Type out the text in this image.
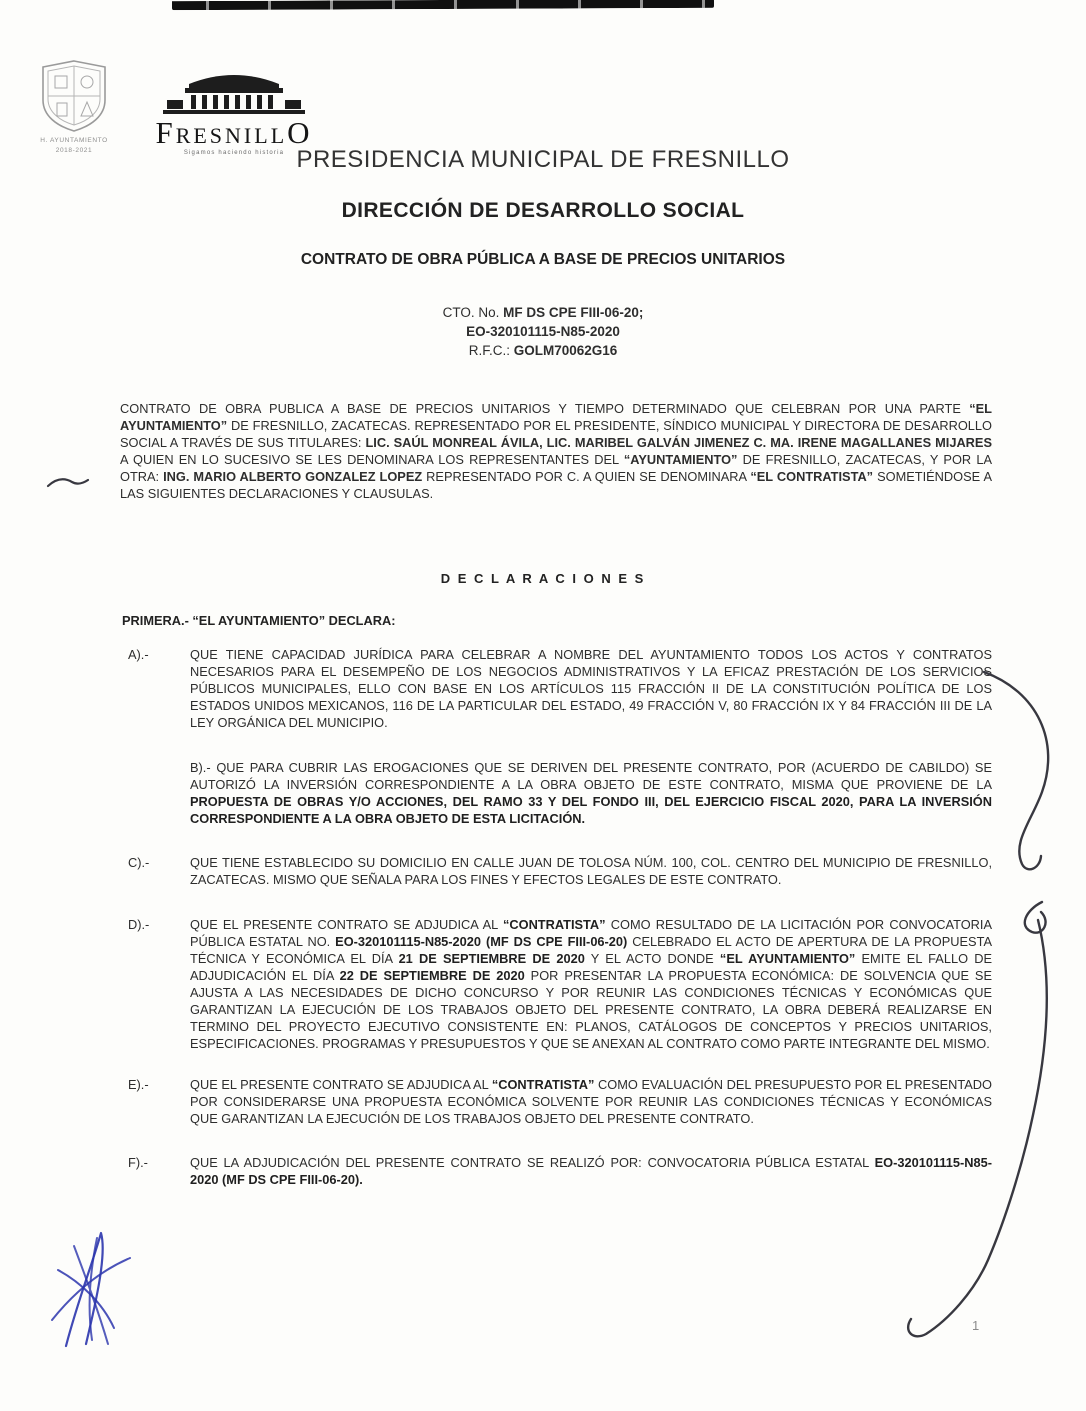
H. AYUNTAMIENTO
2018-2021
FresnillO
Sigamos haciendo historia PRESIDENCIA MUNICIPAL DE FRESNILLO
DIRECCIÓN DE DESARROLLO SOCIAL
CONTRATO DE OBRA PÚBLICA A BASE DE PRECIOS UNITARIOS
CTO. No. MF DS CPE FIII-06-20;
EO-320101115-N85-2020
R.F.C.: GOLM70062G16
CONTRATO DE OBRA PUBLICA A BASE DE PRECIOS UNITARIOS Y TIEMPO DETERMINADO QUE CELEBRAN POR UNA PARTE “EL AYUNTAMIENTO” DE FRESNILLO, ZACATECAS. REPRESENTADO POR EL PRESIDENTE, SÍNDICO MUNICIPAL Y DIRECTORA DE DESARROLLO SOCIAL A TRAVÉS DE SUS TITULARES: LIC. SAÚL MONREAL ÁVILA, LIC. MARIBEL GALVÁN JIMENEZ C. MA. IRENE MAGALLANES MIJARES A QUIEN EN LO SUCESIVO SE LES DENOMINARA LOS REPRESENTANTES DEL “AYUNTAMIENTO” DE FRESNILLO, ZACATECAS, Y POR LA OTRA: ING. MARIO ALBERTO GONZALEZ LOPEZ REPRESENTADO POR C. A QUIEN SE DENOMINARA “EL CONTRATISTA” SOMETIÉNDOSE A LAS SIGUIENTES DECLARACIONES Y CLAUSULAS.
D E C L A R A C I O N E S
PRIMERA.- “EL AYUNTAMIENTO” DECLARA:
A).-	QUE TIENE CAPACIDAD JURÍDICA PARA CELEBRAR A NOMBRE DEL AYUNTAMIENTO TODOS LOS ACTOS Y CONTRATOS NECESARIOS PARA EL DESEMPEÑO DE LOS NEGOCIOS ADMINISTRATIVOS Y LA EFICAZ PRESTACIÓN DE LOS SERVICIOS PÚBLICOS MUNICIPALES, ELLO CON BASE EN LOS ARTÍCULOS 115 FRACCIÓN II DE LA CONSTITUCIÓN POLÍTICA DE LOS ESTADOS UNIDOS MEXICANOS, 116 DE LA PARTICULAR DEL ESTADO, 49 FRACCIÓN V, 80 FRACCIÓN IX Y 84 FRACCIÓN III DE LA LEY ORGÁNICA DEL MUNICIPIO.
B).- QUE PARA CUBRIR LAS EROGACIONES QUE SE DERIVEN DEL PRESENTE CONTRATO, POR (ACUERDO DE CABILDO) SE AUTORIZÓ LA INVERSIÓN CORRESPONDIENTE A LA OBRA OBJETO DE ESTE CONTRATO, MISMA QUE PROVIENE DE LA PROPUESTA DE OBRAS Y/O ACCIONES, DEL RAMO 33 Y DEL FONDO III, DEL EJERCICIO FISCAL 2020, PARA LA INVERSIÓN CORRESPONDIENTE A LA OBRA OBJETO DE ESTA LICITACIÓN.
C).-	QUE TIENE ESTABLECIDO SU DOMICILIO EN CALLE JUAN DE TOLOSA NÚM. 100, COL. CENTRO DEL MUNICIPIO DE FRESNILLO, ZACATECAS. MISMO QUE SEÑALA PARA LOS FINES Y EFECTOS LEGALES DE ESTE CONTRATO.
D).-	QUE EL PRESENTE CONTRATO SE ADJUDICA AL “CONTRATISTA” COMO RESULTADO DE LA LICITACIÓN POR CONVOCATORIA PÚBLICA ESTATAL NO. EO-320101115-N85-2020 (MF DS CPE FIII-06-20) CELEBRADO EL ACTO DE APERTURA DE LA PROPUESTA TÉCNICA Y ECONÓMICA EL DÍA 21 DE SEPTIEMBRE DE 2020 Y EL ACTO DONDE “EL AYUNTAMIENTO” EMITE EL FALLO DE ADJUDICACIÓN EL DÍA 22 DE SEPTIEMBRE DE 2020 POR PRESENTAR LA PROPUESTA ECONÓMICA: DE SOLVENCIA QUE SE AJUSTA A LAS NECESIDADES DE DICHO CONCURSO Y POR REUNIR LAS CONDICIONES TÉCNICAS Y ECONÓMICAS QUE GARANTIZAN LA EJECUCIÓN DE LOS TRABAJOS OBJETO DEL PRESENTE CONTRATO, LA OBRA DEBERÁ REALIZARSE EN TERMINO DEL PROYECTO EJECUTIVO CONSISTENTE EN: PLANOS, CATÁLOGOS DE CONCEPTOS Y PRECIOS UNITARIOS, ESPECIFICACIONES. PROGRAMAS Y PRESUPUESTOS Y QUE SE ANEXAN AL CONTRATO COMO PARTE INTEGRANTE DEL MISMO.
E).-	QUE EL PRESENTE CONTRATO SE ADJUDICA AL “CONTRATISTA” COMO EVALUACIÓN DEL PRESUPUESTO POR EL PRESENTADO POR CONSIDERARSE UNA PROPUESTA ECONÓMICA SOLVENTE POR REUNIR LAS CONDICIONES TÉCNICAS Y ECONÓMICAS QUE GARANTIZAN LA EJECUCIÓN DE LOS TRABAJOS OBJETO DEL PRESENTE CONTRATO.
F).-	QUE LA ADJUDICACIÓN DEL PRESENTE CONTRATO SE REALIZÓ POR: CONVOCATORIA PÚBLICA ESTATAL EO-320101115-N85-2020 (MF DS CPE FIII-06-20).
1
